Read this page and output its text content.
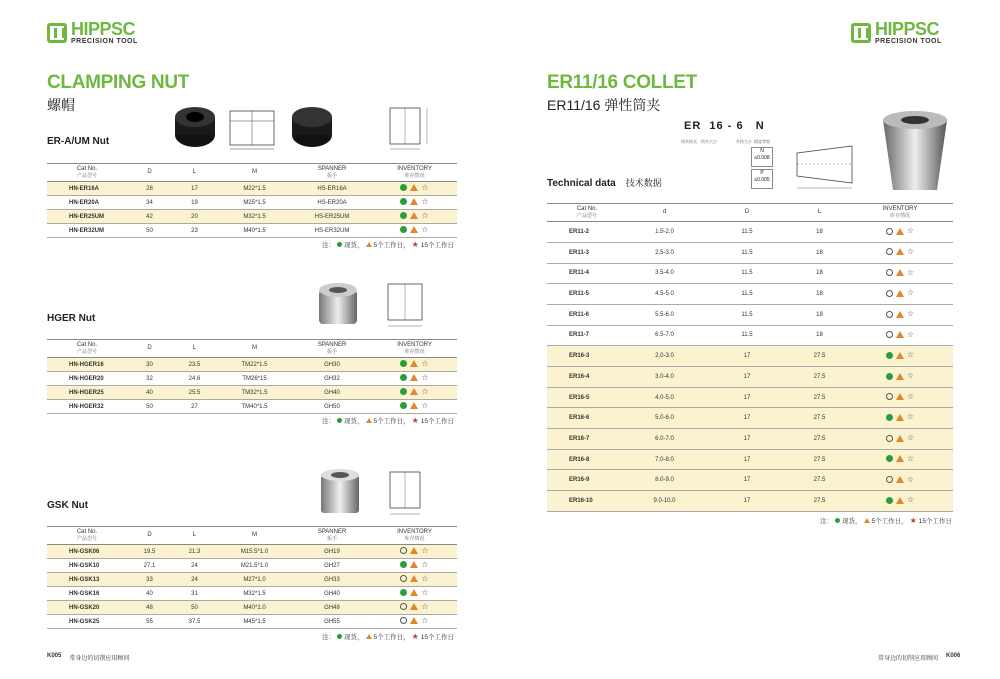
HIPPSC
PRECISION TOOL
CLAMPING NUT
螺帽
ER-A/UM Nut
Cat No.
产品型号	D	L	M	SPANNER
扳手	INVENTORY
库存情况

HN-ER16A	28	17	M22*1.5	HS-ER16A	☆

HN-ER20A	34	19	M25*1.5	HS-ER20A	☆

HN-ER25UM	42	20	M32*1.5	HS-ER25UM	☆

HN-ER32UM	50	23	M40*1.5	HS-ER32UM	☆
注： 现货， 5个工作日， ★ 15个工作日
HGER Nut
Cat No.
产品型号	D	L	M	SPANNER
扳手	INVENTORY
库存情况

HN-HGER16	30	23.5	TM22*1.5	GH30	☆

HN-HGER20	32	24.6	TM26*15	GH32	☆

HN-HGER25	40	25.5	TM32*1.5	GH40	☆

HN-HGER32	50	27	TM40*1.5	GH50	☆
注： 现货， 5个工作日， ★ 15个工作日
GSK Nut
Cat No.
产品型号	D	L	M	SPANNER
扳手	INVENTORY
库存情况

HN-GSK06	19.5	21.3	M15.5*1.0	GH19	☆

HN-GSK10	27.1	24	M21.5*1.0	GH27	☆

HN-GSK13	33	24	M27*1.0	GH33	☆

HN-GSK16	40	31	M32*1.5	GH40	☆

HN-GSK20	48	50	M40*1.0	GH48	☆

HN-GSK25	55	37.5	M45*1.5	GH55	☆
注： 现货， 5个工作日， ★ 15个工作日
K005 常身边的切削应用顾问
HIPPSC
PRECISION TOOL
ER11/16 COLLET
ER11/16 弹性筒夹
ER 16 - 6 N
筒夹样式 筒夹大小	夹持大小 精度等级
N
≤0.008
P
≤0.005
Technical data 技术数据
Cat No.
产品型号	d	D	L	INVENTORY
库存情况

ER11-2	1.5-2.0	11.5	18	☆

ER11-3	2.5-3.0	11.5	18	☆

ER11-4	3.5-4.0	11.5	18	☆

ER11-5	4.5-5.0	11.5	18	☆

ER11-6	5.5-6.0	11.5	18	☆

ER11-7	6.5-7.0	11.5	18	☆

ER16-3	2.0-3.0	17	27.5	☆

ER16-4	3.0-4.0	17	27.5	☆

ER16-5	4.0-5.0	17	27.5	☆

ER16-6	5.0-6.0	17	27.5	☆

ER16-7	6.0-7.0	17	27.5	☆

ER16-8	7.0-8.0	17	27.5	☆

ER16-9	8.0-9.0	17	27.5	☆

ER16-10	9.0-10.0	17	27.5	☆
注： 现货， 5个工作日， ★ 15个工作日
常身边的切削应用顾问 K006
